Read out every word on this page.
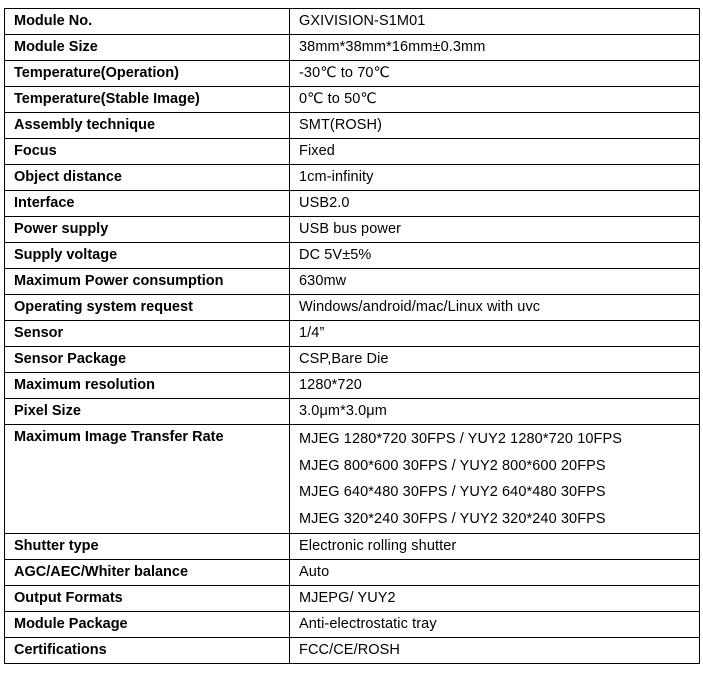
Module No.	GXIVISION-S1M01
Module Size	38mm*38mm*16mm±0.3mm
Temperature(Operation)	-30℃ to 70℃
Temperature(Stable Image)	0℃ to 50℃
Assembly technique	SMT(ROSH)
Focus	Fixed
Object distance	1cm-infinity
Interface	USB2.0
Power supply	USB bus power
Supply voltage	DC 5V±5%
Maximum Power consumption	630mw
Operating system request	Windows/android/mac/Linux with uvc
Sensor	1/4”
Sensor Package	CSP,Bare Die
Maximum resolution	1280*720
Pixel Size	3.0μm*3.0μm
Maximum Image Transfer Rate	MJEG 1280*720 30FPS / YUY2 1280*720 10FPS
MJEG 800*600 30FPS / YUY2 800*600 20FPS
MJEG 640*480 30FPS / YUY2 640*480 30FPS
MJEG 320*240 30FPS / YUY2 320*240 30FPS

Shutter type	Electronic rolling shutter
AGC/AEC/Whiter balance	Auto
Output Formats	MJEPG/ YUY2
Module Package	Anti-electrostatic tray
Certifications	FCC/CE/ROSH
